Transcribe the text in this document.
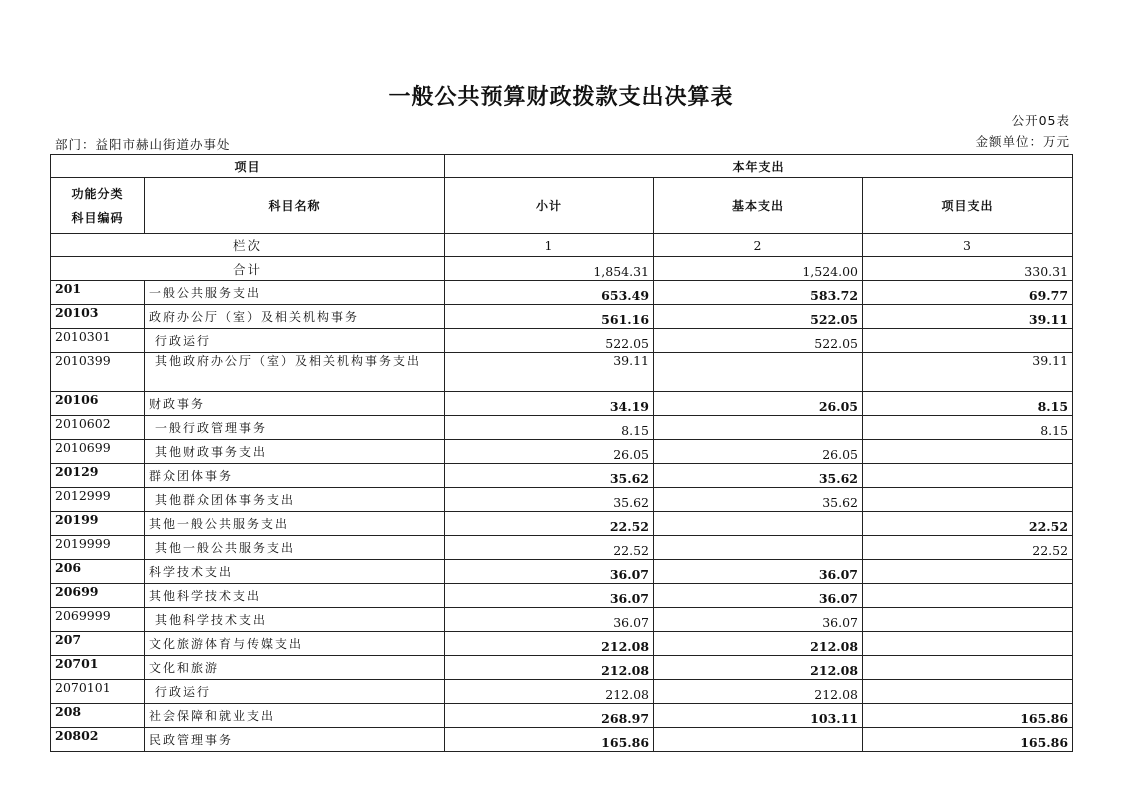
一般公共预算财政拨款支出决算表
公开05表
金额单位：万元
部门：益阳市赫山街道办事处
项目		本年支出		

功能分类
科目编码	科目名称	小计	基本支出	项目支出
栏次		1	2	3
合计		1,854.31	1,524.00	330.31
201	一般公共服务支出	653.49	583.72	69.77
20103	政府办公厅（室）及相关机构事务	561.16	522.05	39.11
2010301	行政运行	522.05	522.05	
2010399	其他政府办公厅（室）及相关机构事务支出	39.11		39.11
20106	财政事务	34.19	26.05	8.15
2010602	一般行政管理事务	8.15		8.15
2010699	其他财政事务支出	26.05	26.05	
20129	群众团体事务	35.62	35.62	
2012999	其他群众团体事务支出	35.62	35.62	
20199	其他一般公共服务支出	22.52		22.52
2019999	其他一般公共服务支出	22.52		22.52
206	科学技术支出	36.07	36.07	
20699	其他科学技术支出	36.07	36.07	
2069999	其他科学技术支出	36.07	36.07	
207	文化旅游体育与传媒支出	212.08	212.08	
20701	文化和旅游	212.08	212.08	
2070101	行政运行	212.08	212.08	
208	社会保障和就业支出	268.97	103.11	165.86
20802	民政管理事务	165.86		165.86
